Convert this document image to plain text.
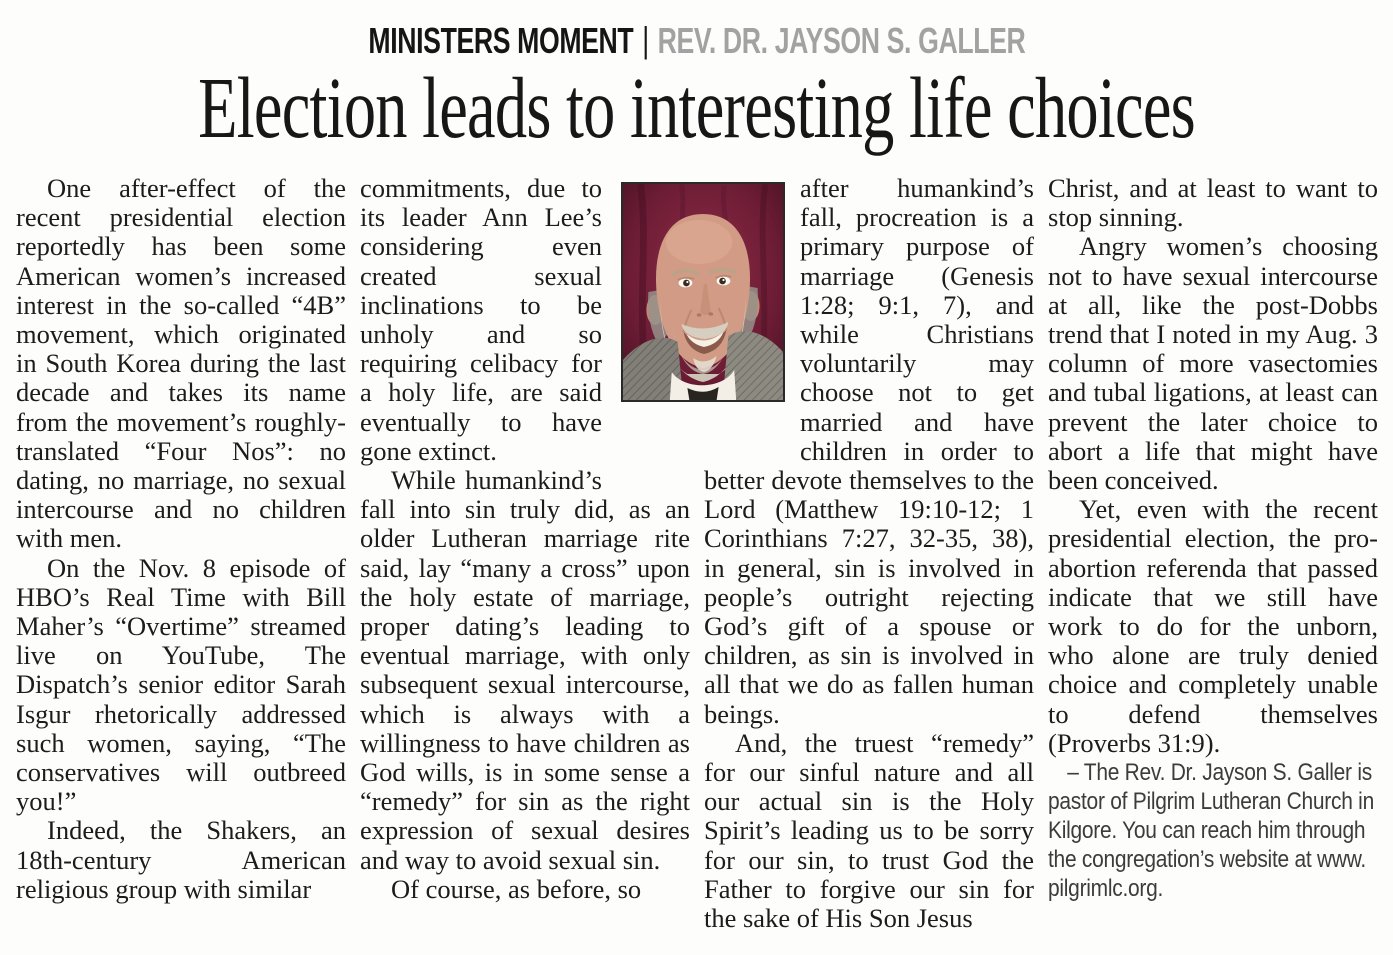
MINISTERS MOMENT | REV. DR. JAYSON S. GALLER
Election leads to interesting life choices

One after-effect of the recent presidential election reportedly has been some American women’s increased interest in the so-called “4B” movement, which originated in South Korea during the last decade and takes its name from the movement’s roughly-translated “Four Nos”: no dating, no marriage, no sexual intercourse and no children with men.

On the Nov. 8 episode of HBO’s Real Time with Bill Maher’s “Overtime” streamed live on YouTube, The Dispatch’s senior editor Sarah Isgur rhetorically addressed such women, saying, “The conservatives will outbreed you!”

Indeed, the Shakers, an 18th-century American religious group with similar

commitments, due to its leader Ann Lee’s considering even created sexual inclinations to be unholy and so requiring celibacy for a holy life, are said eventually to have gone extinct.

While humankind’s fall into sin truly did, as an older Lutheran marriage rite said, lay “many a cross” upon the holy estate of marriage, proper dating’s leading to eventual marriage, with only subsequent sexual intercourse, which is always with a willingness to have children as God wills, is in some sense a “remedy” for sin as the right expression of sexual desires and way to avoid sexual sin.

Of course, as before, so

after humankind’s fall, procreation is a primary purpose of marriage (Genesis 1:28; 9:1, 7), and while Christians voluntarily may choose not to get married and have children in order to better devote themselves to the Lord (Matthew 19:10-12; 1 Corinthians 7:27, 32-35, 38), in general, sin is involved in people’s outright rejecting God’s gift of a spouse or children, as sin is involved in all that we do as fallen human beings.

And, the truest “remedy” for our sinful nature and all our actual sin is the Holy Spirit’s leading us to be sorry for our sin, to trust God the Father to forgive our sin for the sake of His Son Jesus

Christ, and at least to want to stop sinning.

Angry women’s choosing not to have sexual intercourse at all, like the post-Dobbs trend that I noted in my Aug. 3 column of more vasectomies and tubal ligations, at least can prevent the later choice to abort a life that might have been conceived.

Yet, even with the recent presidential election, the pro-abortion referenda that passed indicate that we still have work to do for the unborn, who alone are truly denied choice and completely unable to defend themselves (Proverbs 31:9).

– The Rev. Dr. Jayson S. Galler is pastor of Pilgrim Lutheran Church in Kilgore. You can reach him through the congregation’s website at www.​pilgrimlc.org.
